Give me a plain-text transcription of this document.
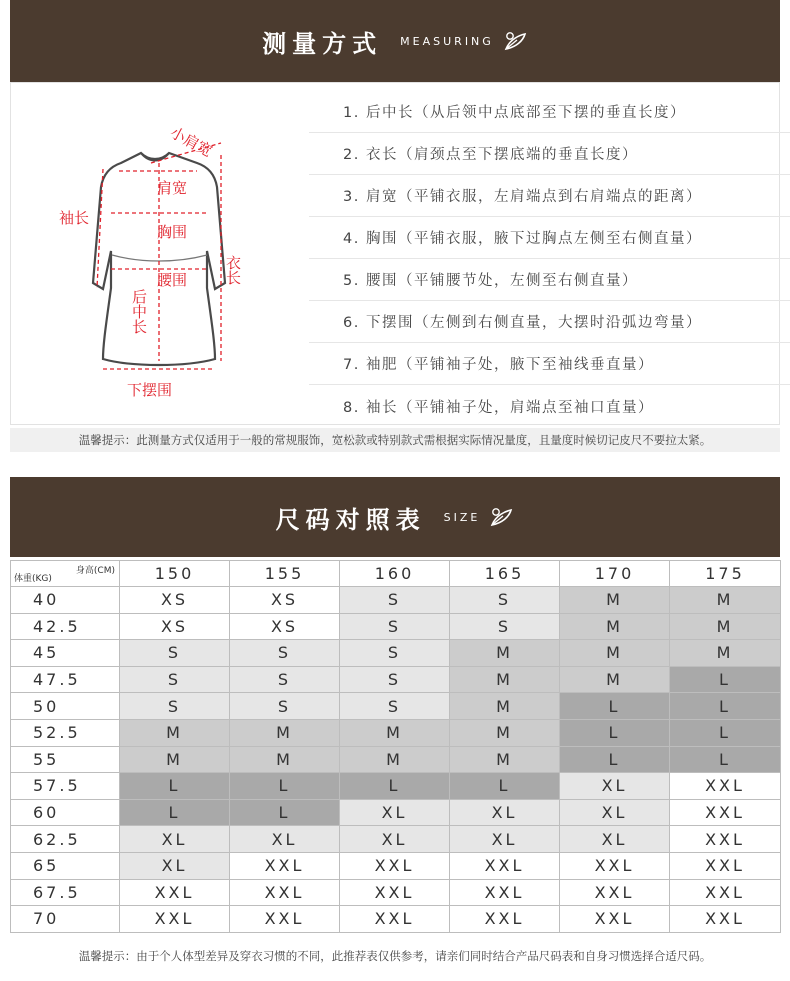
测量方式 MEASURING
小肩宽
肩宽
袖长
胸围
衣长
腰围
后中长
下摆围
1. 后中长（从后领中点底部至下摆的垂直长度）
2. 衣长（肩颈点至下摆底端的垂直长度）
3. 肩宽（平铺衣服，左肩端点到右肩端点的距离）
4. 胸围（平铺衣服，腋下过胸点左侧至右侧直量）
5. 腰围（平铺腰节处，左侧至右侧直量）
6. 下摆围（左侧到右侧直量，大摆时沿弧边弯量）
7. 袖肥（平铺袖子处，腋下至袖线垂直量）
8. 袖长（平铺袖子处，肩端点至袖口直量）
温馨提示：此测量方式仅适用于一般的常规服饰，宽松款或特别款式需根据实际情况量度，且量度时候切记皮尺不要拉太紧。
尺码对照表 SIZE
身高(CM)
体重(KG)	150	155	160	165	170	175
40	XS	XS	S	S	M	M
42.5	XS	XS	S	S	M	M
45	S	S	S	M	M	M
47.5	S	S	S	M	M	L
50	S	S	S	M	L	L
52.5	M	M	M	M	L	L
55	M	M	M	M	L	L
57.5	L	L	L	L	XL	XXL
60	L	L	XL	XL	XL	XXL
62.5	XL	XL	XL	XL	XL	XXL
65	XL	XXL	XXL	XXL	XXL	XXL
67.5	XXL	XXL	XXL	XXL	XXL	XXL
70	XXL	XXL	XXL	XXL	XXL	XXL
温馨提示：由于个人体型差异及穿衣习惯的不同，此推荐表仅供参考，请亲们同时结合产品尺码表和自身习惯选择合适尺码。
